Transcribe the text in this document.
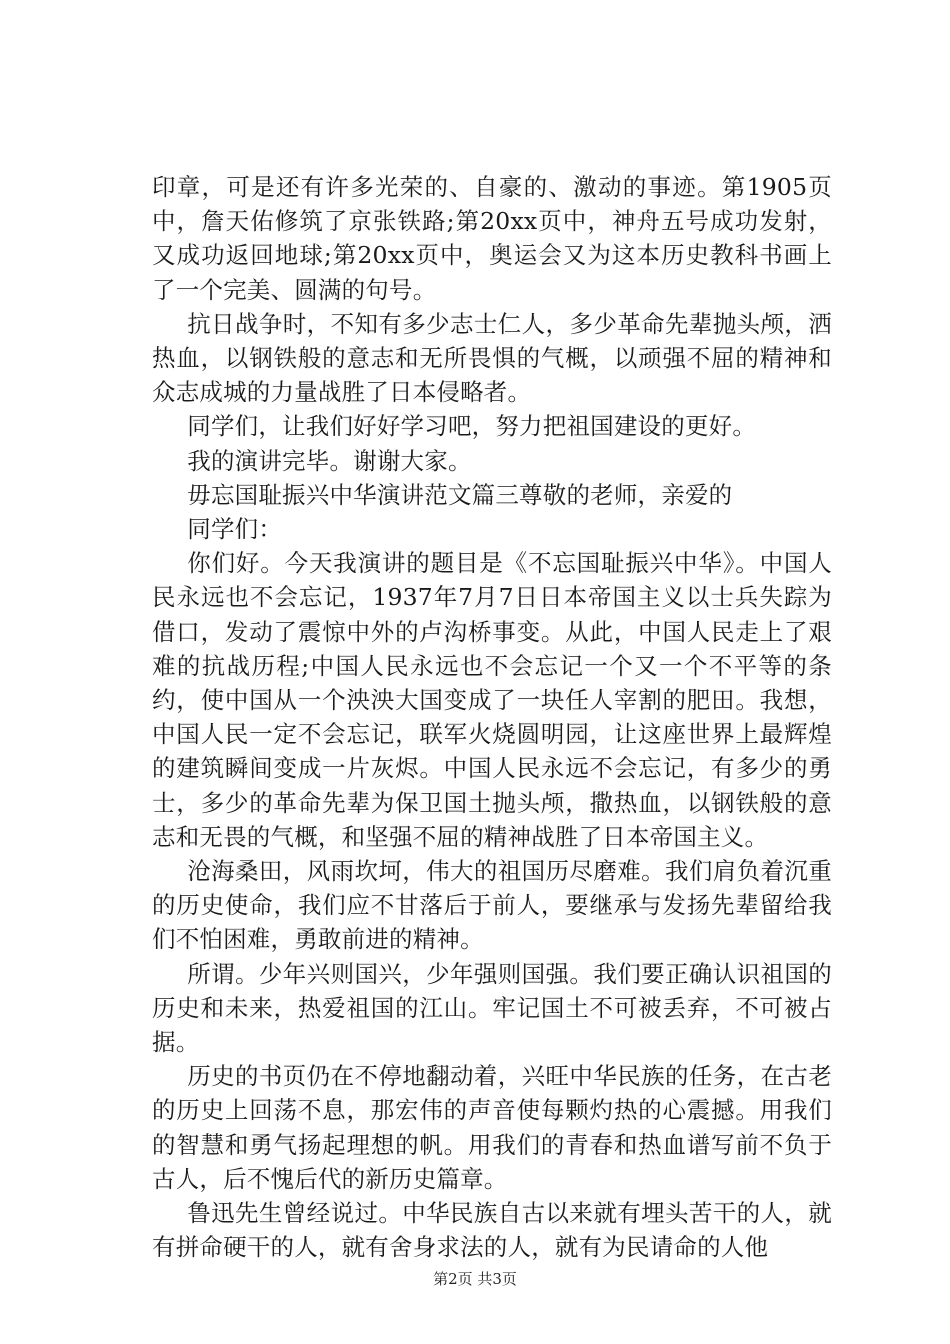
印章，可是还有许多光荣的、自豪的、激动的事迹。第1905页中，詹天佑修筑了京张铁路;第20xx页中，神舟五号成功发射，又成功返回地球;第20xx页中，奥运会又为这本历史教科书画上了一个完美、圆满的句号。

抗日战争时，不知有多少志士仁人，多少革命先辈抛头颅，洒热血，以钢铁般的意志和无所畏惧的气概，以顽强不屈的精神和众志成城的力量战胜了日本侵略者。

同学们，让我们好好学习吧，努力把祖国建设的更好。

我的演讲完毕。谢谢大家。

毋忘国耻振兴中华演讲范文篇三尊敬的老师，亲爱的

同学们：

你们好。今天我演讲的题目是《不忘国耻振兴中华》。中国人民永远也不会忘记，1937年7月7日日本帝国主义以士兵失踪为借口，发动了震惊中外的卢沟桥事变。从此，中国人民走上了艰难的抗战历程;中国人民永远也不会忘记一个又一个不平等的条约，使中国从一个泱泱大国变成了一块任人宰割的肥田。我想，中国人民一定不会忘记，联军火烧圆明园，让这座世界上最辉煌的建筑瞬间变成一片灰烬。中国人民永远不会忘记，有多少的勇士，多少的革命先辈为保卫国土抛头颅，撒热血，以钢铁般的意志和无畏的气概，和坚强不屈的精神战胜了日本帝国主义。

沧海桑田，风雨坎坷，伟大的祖国历尽磨难。我们肩负着沉重的历史使命，我们应不甘落后于前人，要继承与发扬先辈留给我们不怕困难，勇敢前进的精神。

所谓。少年兴则国兴，少年强则国强。我们要正确认识祖国的历史和未来，热爱祖国的江山。牢记国土不可被丢弃，不可被占据。

历史的书页仍在不停地翻动着，兴旺中华民族的任务，在古老的历史上回荡不息，那宏伟的声音使每颗灼热的心震撼。用我们的智慧和勇气扬起理想的帆。用我们的青春和热血谱写前不负于古人，后不愧后代的新历史篇章。

鲁迅先生曾经说过。中华民族自古以来就有埋头苦干的人，就有拼命硬干的人，就有舍身求法的人，就有为民请命的人他

第2页 共3页
